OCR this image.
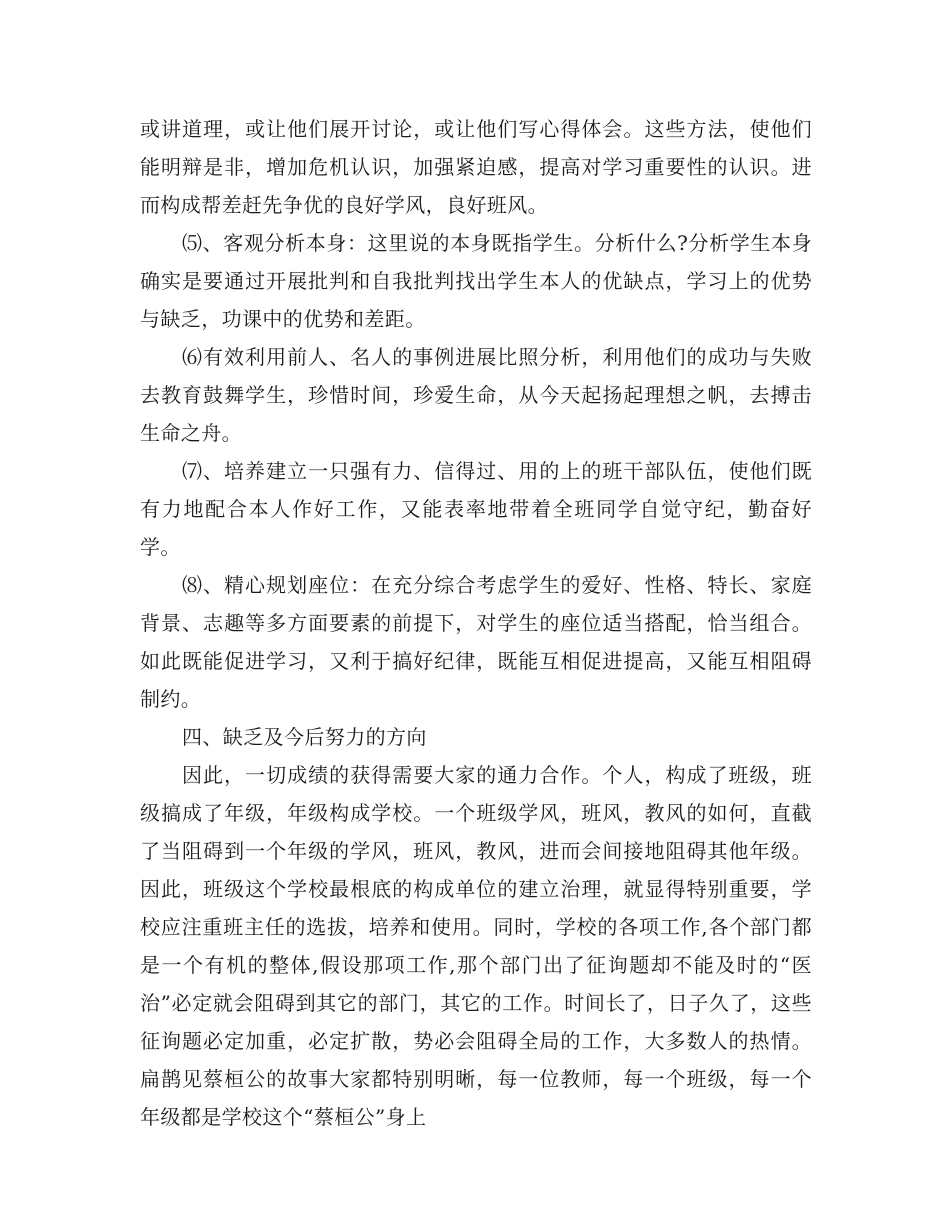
或讲道理，或让他们展开讨论，或让他们写心得体会。这些方法，使他们能明辩是非，增加危机认识，加强紧迫感，提高对学习重要性的认识。进而构成帮差赶先争优的良好学风，良好班风。

⑸、客观分析本身：这里说的本身既指学生。分析什么?分析学生本身确实是要通过开展批判和自我批判找出学生本人的优缺点，学习上的优势与缺乏，功课中的优势和差距。

⑹有效利用前人、名人的事例进展比照分析，利用他们的成功与失败去教育鼓舞学生，珍惜时间，珍爱生命，从今天起扬起理想之帆，去搏击生命之舟。

⑺、培养建立一只强有力、信得过、用的上的班干部队伍，使他们既有力地配合本人作好工作，又能表率地带着全班同学自觉守纪，勤奋好学。

⑻、精心规划座位：在充分综合考虑学生的爱好、性格、特长、家庭背景、志趣等多方面要素的前提下，对学生的座位适当搭配，恰当组合。如此既能促进学习，又利于搞好纪律，既能互相促进提高，又能互相阻碍制约。

四、缺乏及今后努力的方向

因此，一切成绩的获得需要大家的通力合作。个人，构成了班级，班级搞成了年级，年级构成学校。一个班级学风，班风，教风的如何，直截了当阻碍到一个年级的学风，班风，教风，进而会间接地阻碍其他年级。因此，班级这个学校最根底的构成单位的建立治理，就显得特别重要，学校应注重班主任的选拔，培养和使用。同时，学校的各项工作,各个部门都是一个有机的整体,假设那项工作,那个部门出了征询题却不能及时的“医治”必定就会阻碍到其它的部门，其它的工作。时间长了，日子久了，这些征询题必定加重，必定扩散，势必会阻碍全局的工作，大多数人的热情。扁鹊见蔡桓公的故事大家都特别明晰，每一位教师，每一个班级，每一个年级都是学校这个“蔡桓公”身上
